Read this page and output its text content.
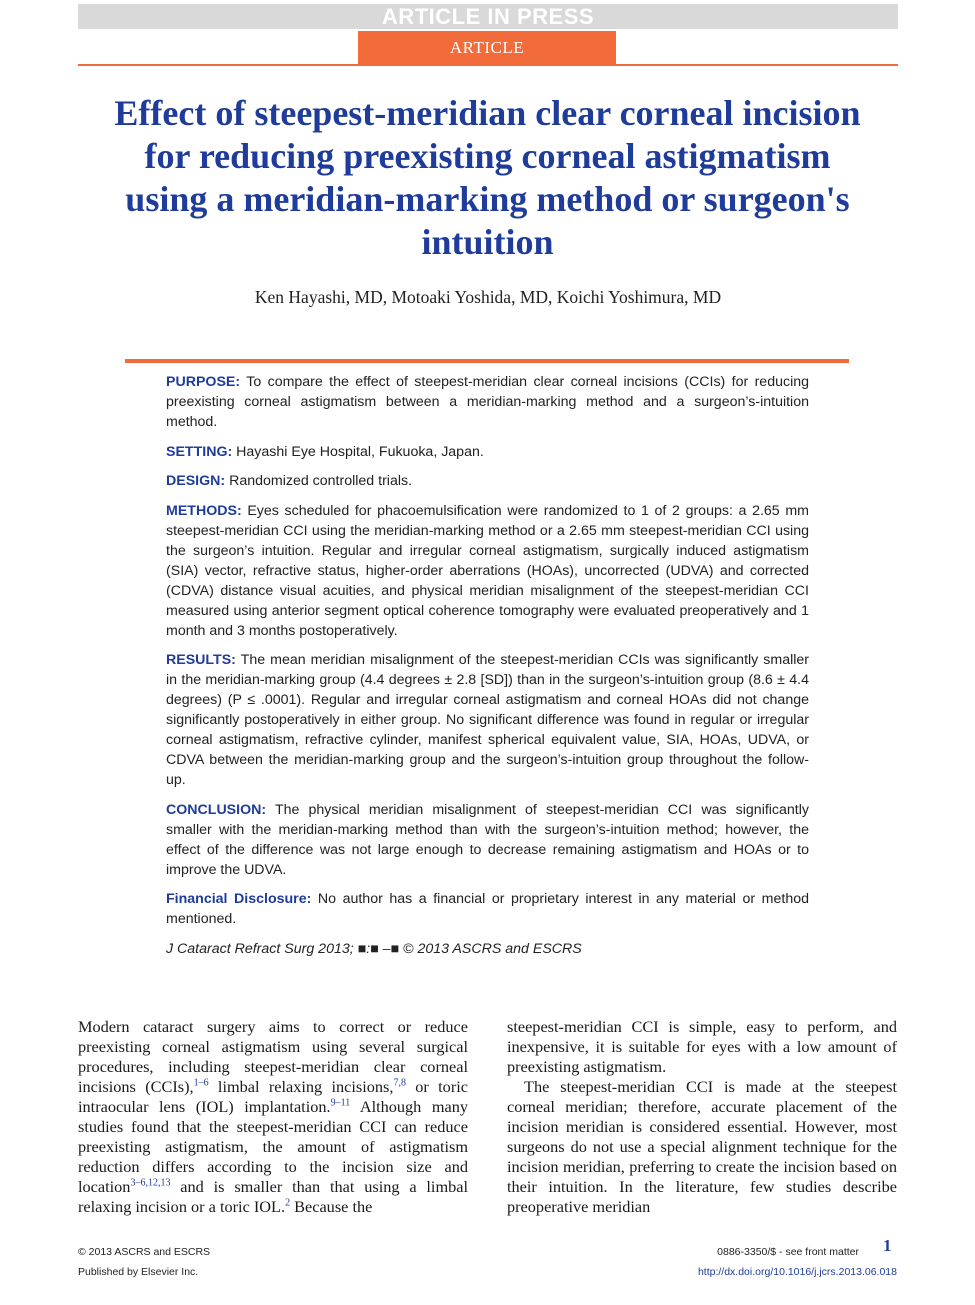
ARTICLE IN PRESS
ARTICLE
Effect of steepest-meridian clear corneal incision for reducing preexisting corneal astigmatism using a meridian-marking method or surgeon's intuition
Ken Hayashi, MD, Motoaki Yoshida, MD, Koichi Yoshimura, MD

PURPOSE: To compare the effect of steepest-meridian clear corneal incisions (CCIs) for reducing preexisting corneal astigmatism between a meridian-marking method and a surgeon’s-intuition method.

SETTING: Hayashi Eye Hospital, Fukuoka, Japan.

DESIGN: Randomized controlled trials.

METHODS: Eyes scheduled for phacoemulsification were randomized to 1 of 2 groups: a 2.65 mm steepest-meridian CCI using the meridian-marking method or a 2.65 mm steepest-meridian CCI using the surgeon’s intuition. Regular and irregular corneal astigmatism, surgically induced astigmatism (SIA) vector, refractive status, higher-order aberrations (HOAs), uncorrected (UDVA) and corrected (CDVA) distance visual acuities, and physical meridian misalignment of the steepest-meridian CCI measured using anterior segment optical coherence tomography were evaluated preoperatively and 1 month and 3 months postoperatively.

RESULTS: The mean meridian misalignment of the steepest-meridian CCIs was significantly smaller in the meridian-marking group (4.4 degrees ± 2.8 [SD]) than in the surgeon’s-intuition group (8.6 ± 4.4 degrees) (P ≤ .0001). Regular and irregular corneal astigmatism and corneal HOAs did not change significantly postoperatively in either group. No significant difference was found in regular or irregular corneal astigmatism, refractive cylinder, manifest spherical equivalent value, SIA, HOAs, UDVA, or CDVA between the meridian-marking group and the surgeon’s-intuition group throughout the follow-up.

CONCLUSION: The physical meridian misalignment of steepest-meridian CCI was significantly smaller with the meridian-marking method than with the surgeon’s-intuition method; however, the effect of the difference was not large enough to decrease remaining astigmatism and HOAs or to improve the UDVA.

Financial Disclosure: No author has a financial or proprietary interest in any material or method mentioned.

J Cataract Refract Surg 2013; ■:■ –■ © 2013 ASCRS and ESCRS

Modern cataract surgery aims to correct or reduce preexisting corneal astigmatism using several surgical procedures, including steepest-meridian clear corneal incisions (CCIs),$^{1-6}$ limbal relaxing incisions,$^{7,8}$ or toric intraocular lens (IOL) implantation.$^{9-11}$ Although many studies found that the steepest-meridian CCI can reduce preexisting astigmatism, the amount of astigmatism reduction differs according to the incision size and location$^{3-6,12,13}$ and is smaller than that using a limbal relaxing incision or a toric IOL.$^2$ Because the

steepest-meridian CCI is simple, easy to perform, and inexpensive, it is suitable for eyes with a low amount of preexisting astigmatism.

The steepest-meridian CCI is made at the steepest corneal meridian; therefore, accurate placement of the incision meridian is considered essential. However, most surgeons do not use a special alignment technique for the incision meridian, preferring to create the incision based on their intuition. In the literature, few studies describe preoperative meridian

© 2013 ASCRS and ESCRS
Published by Elsevier Inc.
0886-3350/$ - see front matter
http://dx.doi.org/10.1016/j.jcrs.2013.06.018
1
